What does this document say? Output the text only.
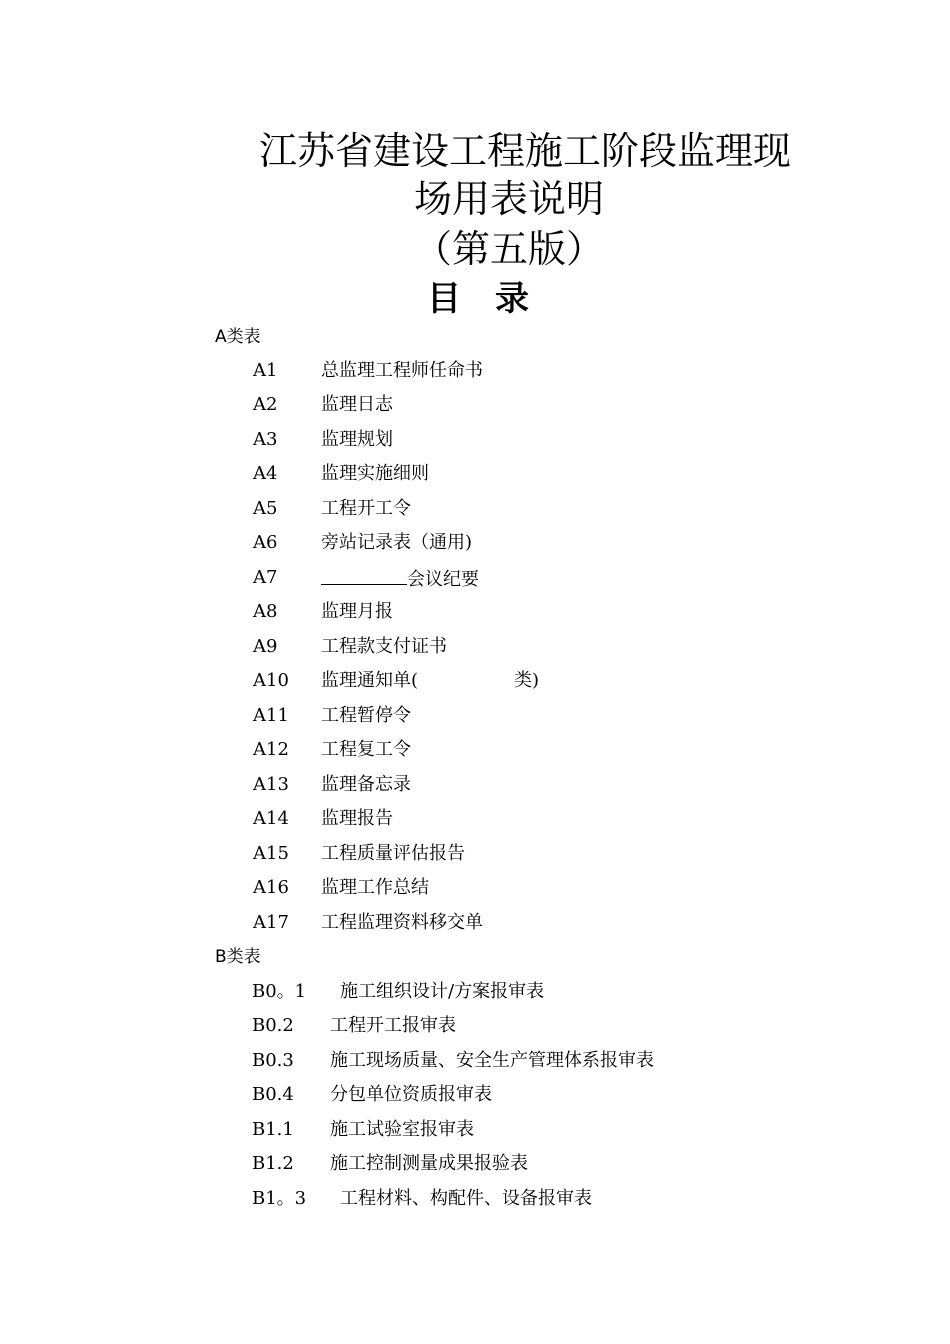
江苏省建设工程施工阶段监理现
场用表说明
（第五版）
目录
A类表
A1 总监理工程师任命书
A2 监理日志
A3 监理规划
A4 监理实施细则
A5 工程开工令
A6 旁站记录表（通用)
A7	会议纪要
A8 监理月报
A9 工程款支付证书
A10 监理通知单(	类)
A11 工程暂停令
A12 工程复工令
A13 监理备忘录
A14 监理报告
A15 工程质量评估报告
A16 监理工作总结
A17 工程监理资料移交单
B类表
B0。1 施工组织设计/方案报审表
B0.2 工程开工报审表
B0.3 施工现场质量、安全生产管理体系报审表
B0.4 分包单位资质报审表
B1.1 施工试验室报审表
B1.2 施工控制测量成果报验表
B1。3 工程材料、构配件、设备报审表
